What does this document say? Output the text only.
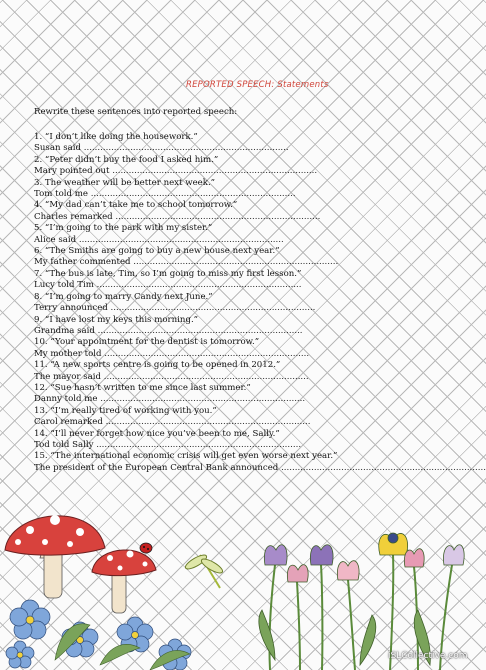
REPORTED SPEECH: Statements
Rewrite these sentences into reported speech:
1. “I don’t like doing the housework.”
Susan said ...........................................................................
2. “Peter didn’t buy the food I asked him.”
Mary pointed out ...........................................................................
3. The weather will be better next week.”
Tom told me ...........................................................................
4. “My dad can’t take me to school tomorrow.”
Charles remarked ...........................................................................
5. “I’m going to the park with my sister.”
Alice said ...........................................................................
6. “The Smiths are going to buy a new house next year.”
My father commented ...........................................................................
7. “The bus is late, Tim, so I’m going to miss my first lesson.”
Lucy told Tim ...........................................................................
8. “I’m going to marry Candy next June.”
Terry announced ...........................................................................
9. “I have lost my keys this morning.”
Grandma said ...........................................................................
10. “Your appointment for the dentist is tomorrow.”
My mother told ...........................................................................
11. “A new sports centre is going to be opened in 2012.”
The mayor said ...........................................................................
12. “Sue hasn’t written to me since last summer.”
Danny told me ...........................................................................
13. “I’m really tired of working with you.”
Carol remarked ...........................................................................
14. “I’ll never forget how nice you’ve been to me, Sally.”
Tod told Sally ...........................................................................
15. “The international economic crisis will get even worse next year.”
The president of the European Central Bank announced ...........................................................................
iSLCollective.com
